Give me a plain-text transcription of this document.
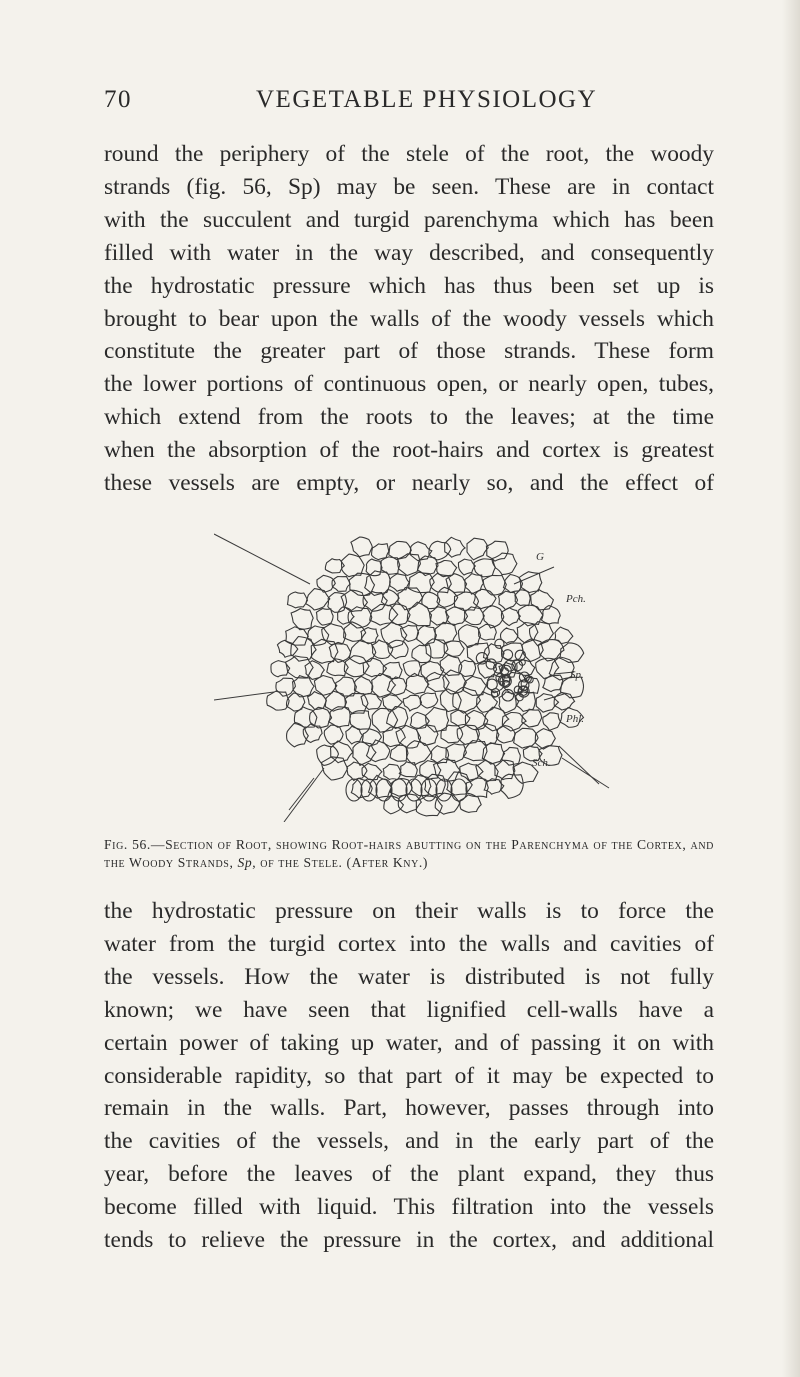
70	VEGETABLE PHYSIOLOGY

round the periphery of the stele of the root, the woody
strands (fig. 56, Sp) may be seen. These are in contact
with the succulent and turgid parenchyma which has been
filled with water in the way described, and consequently
the hydrostatic pressure which has thus been set up is
brought to bear upon the walls of the woody vessels which
constitute the greater part of those strands. These form
the lower portions of continuous open, or nearly open, tubes,
which extend from the roots to the leaves; at the time
when the absorption of the root-hairs and cortex is greatest
these vessels are empty, or nearly so, and the effect of

G
Pch.
Sp.
Phl.
Sch.

Fig. 56.—Section of Root, showing Root-hairs abutting on the Parenchyma of the Cortex, and the Woody Strands, Sp, of the Stele. (After Kny.)

the hydrostatic pressure on their walls is to force the
water from the turgid cortex into the walls and cavities of
the vessels. How the water is distributed is not fully
known; we have seen that lignified cell-walls have a
certain power of taking up water, and of passing it on with
considerable rapidity, so that part of it may be expected to
remain in the walls. Part, however, passes through into
the cavities of the vessels, and in the early part of the
year, before the leaves of the plant expand, they thus
become filled with liquid. This filtration into the vessels
tends to relieve the pressure in the cortex, and additional
